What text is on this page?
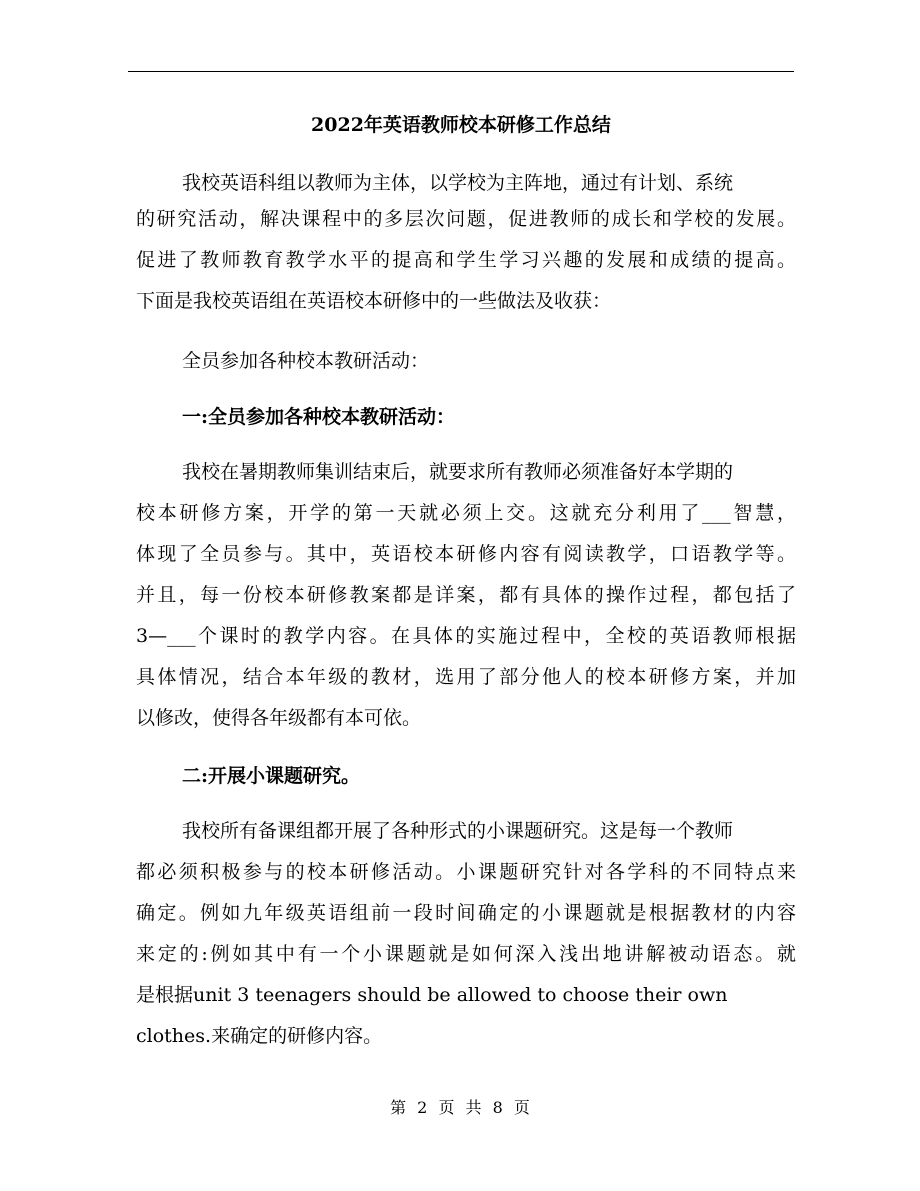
2022年英语教师校本研修工作总结
我校英语科组以教师为主体，以学校为主阵地，通过有计划、系统
的研究活动，解决课程中的多层次问题，促进教师的成长和学校的发展。
促进了教师教育教学水平的提高和学生学习兴趣的发展和成绩的提高。
下面是我校英语组在英语校本研修中的一些做法及收获：
全员参加各种校本教研活动：
一:全员参加各种校本教研活动：
我校在暑期教师集训结束后，就要求所有教师必须准备好本学期的
校本研修方案，开学的第一天就必须上交。这就充分利用了___智慧，
体现了全员参与。其中，英语校本研修内容有阅读教学，口语教学等。
并且，每一份校本研修教案都是详案，都有具体的操作过程，都包括了
3—___个课时的教学内容。在具体的实施过程中，全校的英语教师根据
具体情况，结合本年级的教材，选用了部分他人的校本研修方案，并加
以修改，使得各年级都有本可依。
二:开展小课题研究。
我校所有备课组都开展了各种形式的小课题研究。这是每一个教师
都必须积极参与的校本研修活动。小课题研究针对各学科的不同特点来
确定。例如九年级英语组前一段时间确定的小课题就是根据教材的内容
来定的:例如其中有一个小课题就是如何深入浅出地讲解被动语态。就
是根据unit 3 teenagers should be allowed to choose their own
clothes.来确定的研修内容。
第 2 页 共 8 页
